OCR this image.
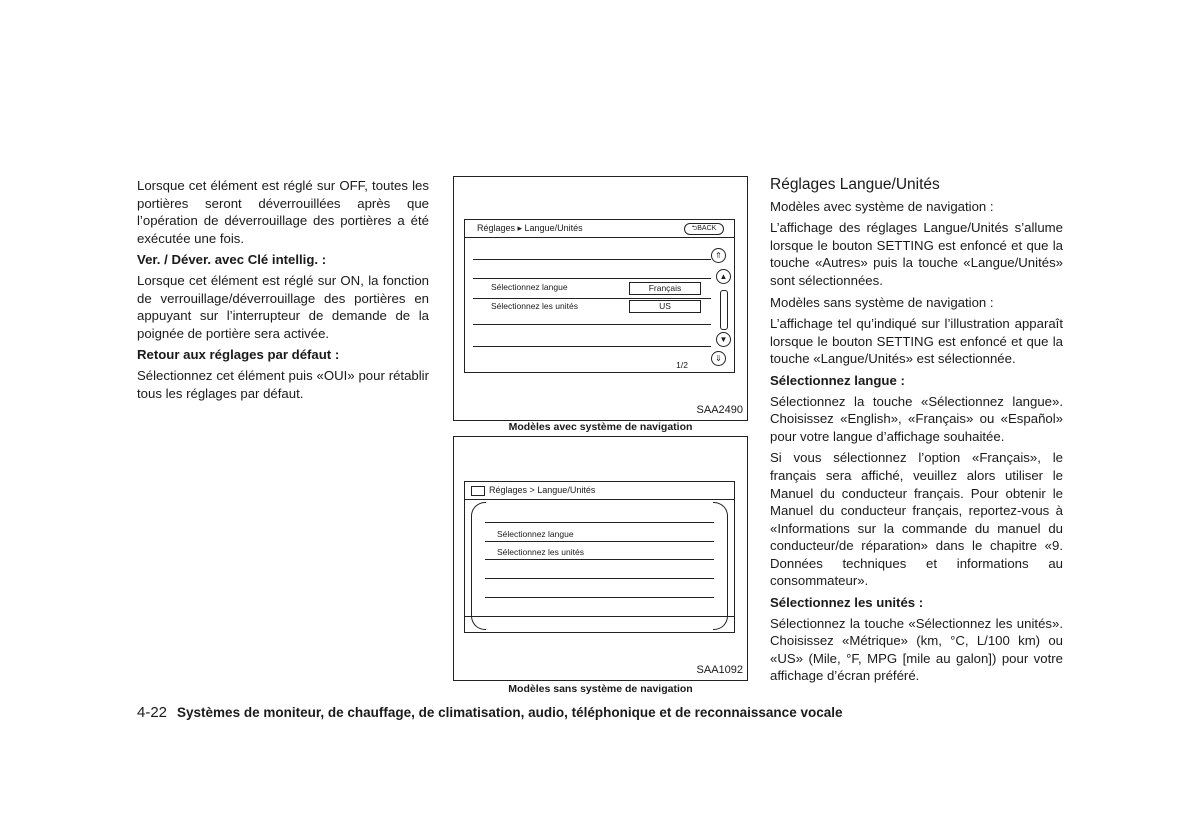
Lorsque cet élément est réglé sur OFF, toutes les portières seront déverrouillées après que l’opération de déverrouillage des portières a été exécutée une fois.

Ver. / Déver. avec Clé intellig. :

Lorsque cet élément est réglé sur ON, la fonction de verrouillage/déverrouillage des portières en appuyant sur l’interrupteur de demande de la poignée de portière sera activée.

Retour aux réglages par défaut :

Sélectionnez cet élément puis «OUI» pour rétablir tous les réglages par défaut.

Réglages ▸ Langue/Unités	⮌BACK
Sélectionnez langue	Français
Sélectionnez les unités	US
⇑
▲
▼
⇓
1/2
SAA2490
Modèles avec système de navigation
Réglages > Langue/Unités
Sélectionnez langue
Sélectionnez les unités
SAA1092
Modèles sans système de navigation
Réglages Langue/Unités

Modèles avec système de navigation :

L’affichage des réglages Langue/Unités s’allume lorsque le bouton SETTING est enfoncé et que la touche «Autres» puis la touche «Langue/Unités» sont sélectionnées.

Modèles sans système de navigation :

L’affichage tel qu’indiqué sur l’illustration apparaît lorsque le bouton SETTING est enfoncé et que la touche «Langue/Unités» est sélectionnée.

Sélectionnez langue :

Sélectionnez la touche «Sélectionnez langue». Choisissez «English», «Français» ou «Español» pour votre langue d’affichage souhaitée.

Si vous sélectionnez l’option «Français», le français sera affiché, veuillez alors utiliser le Manuel du conducteur français. Pour obtenir le Manuel du conducteur français, reportez-vous à «Informations sur la commande du manuel du conducteur/de réparation» dans le chapitre «9. Données techniques et informations au consommateur».

Sélectionnez les unités :

Sélectionnez la touche «Sélectionnez les unités». Choisissez «Métrique» (km, °C, L/100 km) ou «US» (Mile, °F, MPG [mile au galon]) pour votre affichage d’écran préféré.

4-22 Systèmes de moniteur, de chauffage, de climatisation, audio, téléphonique et de reconnaissance vocale
